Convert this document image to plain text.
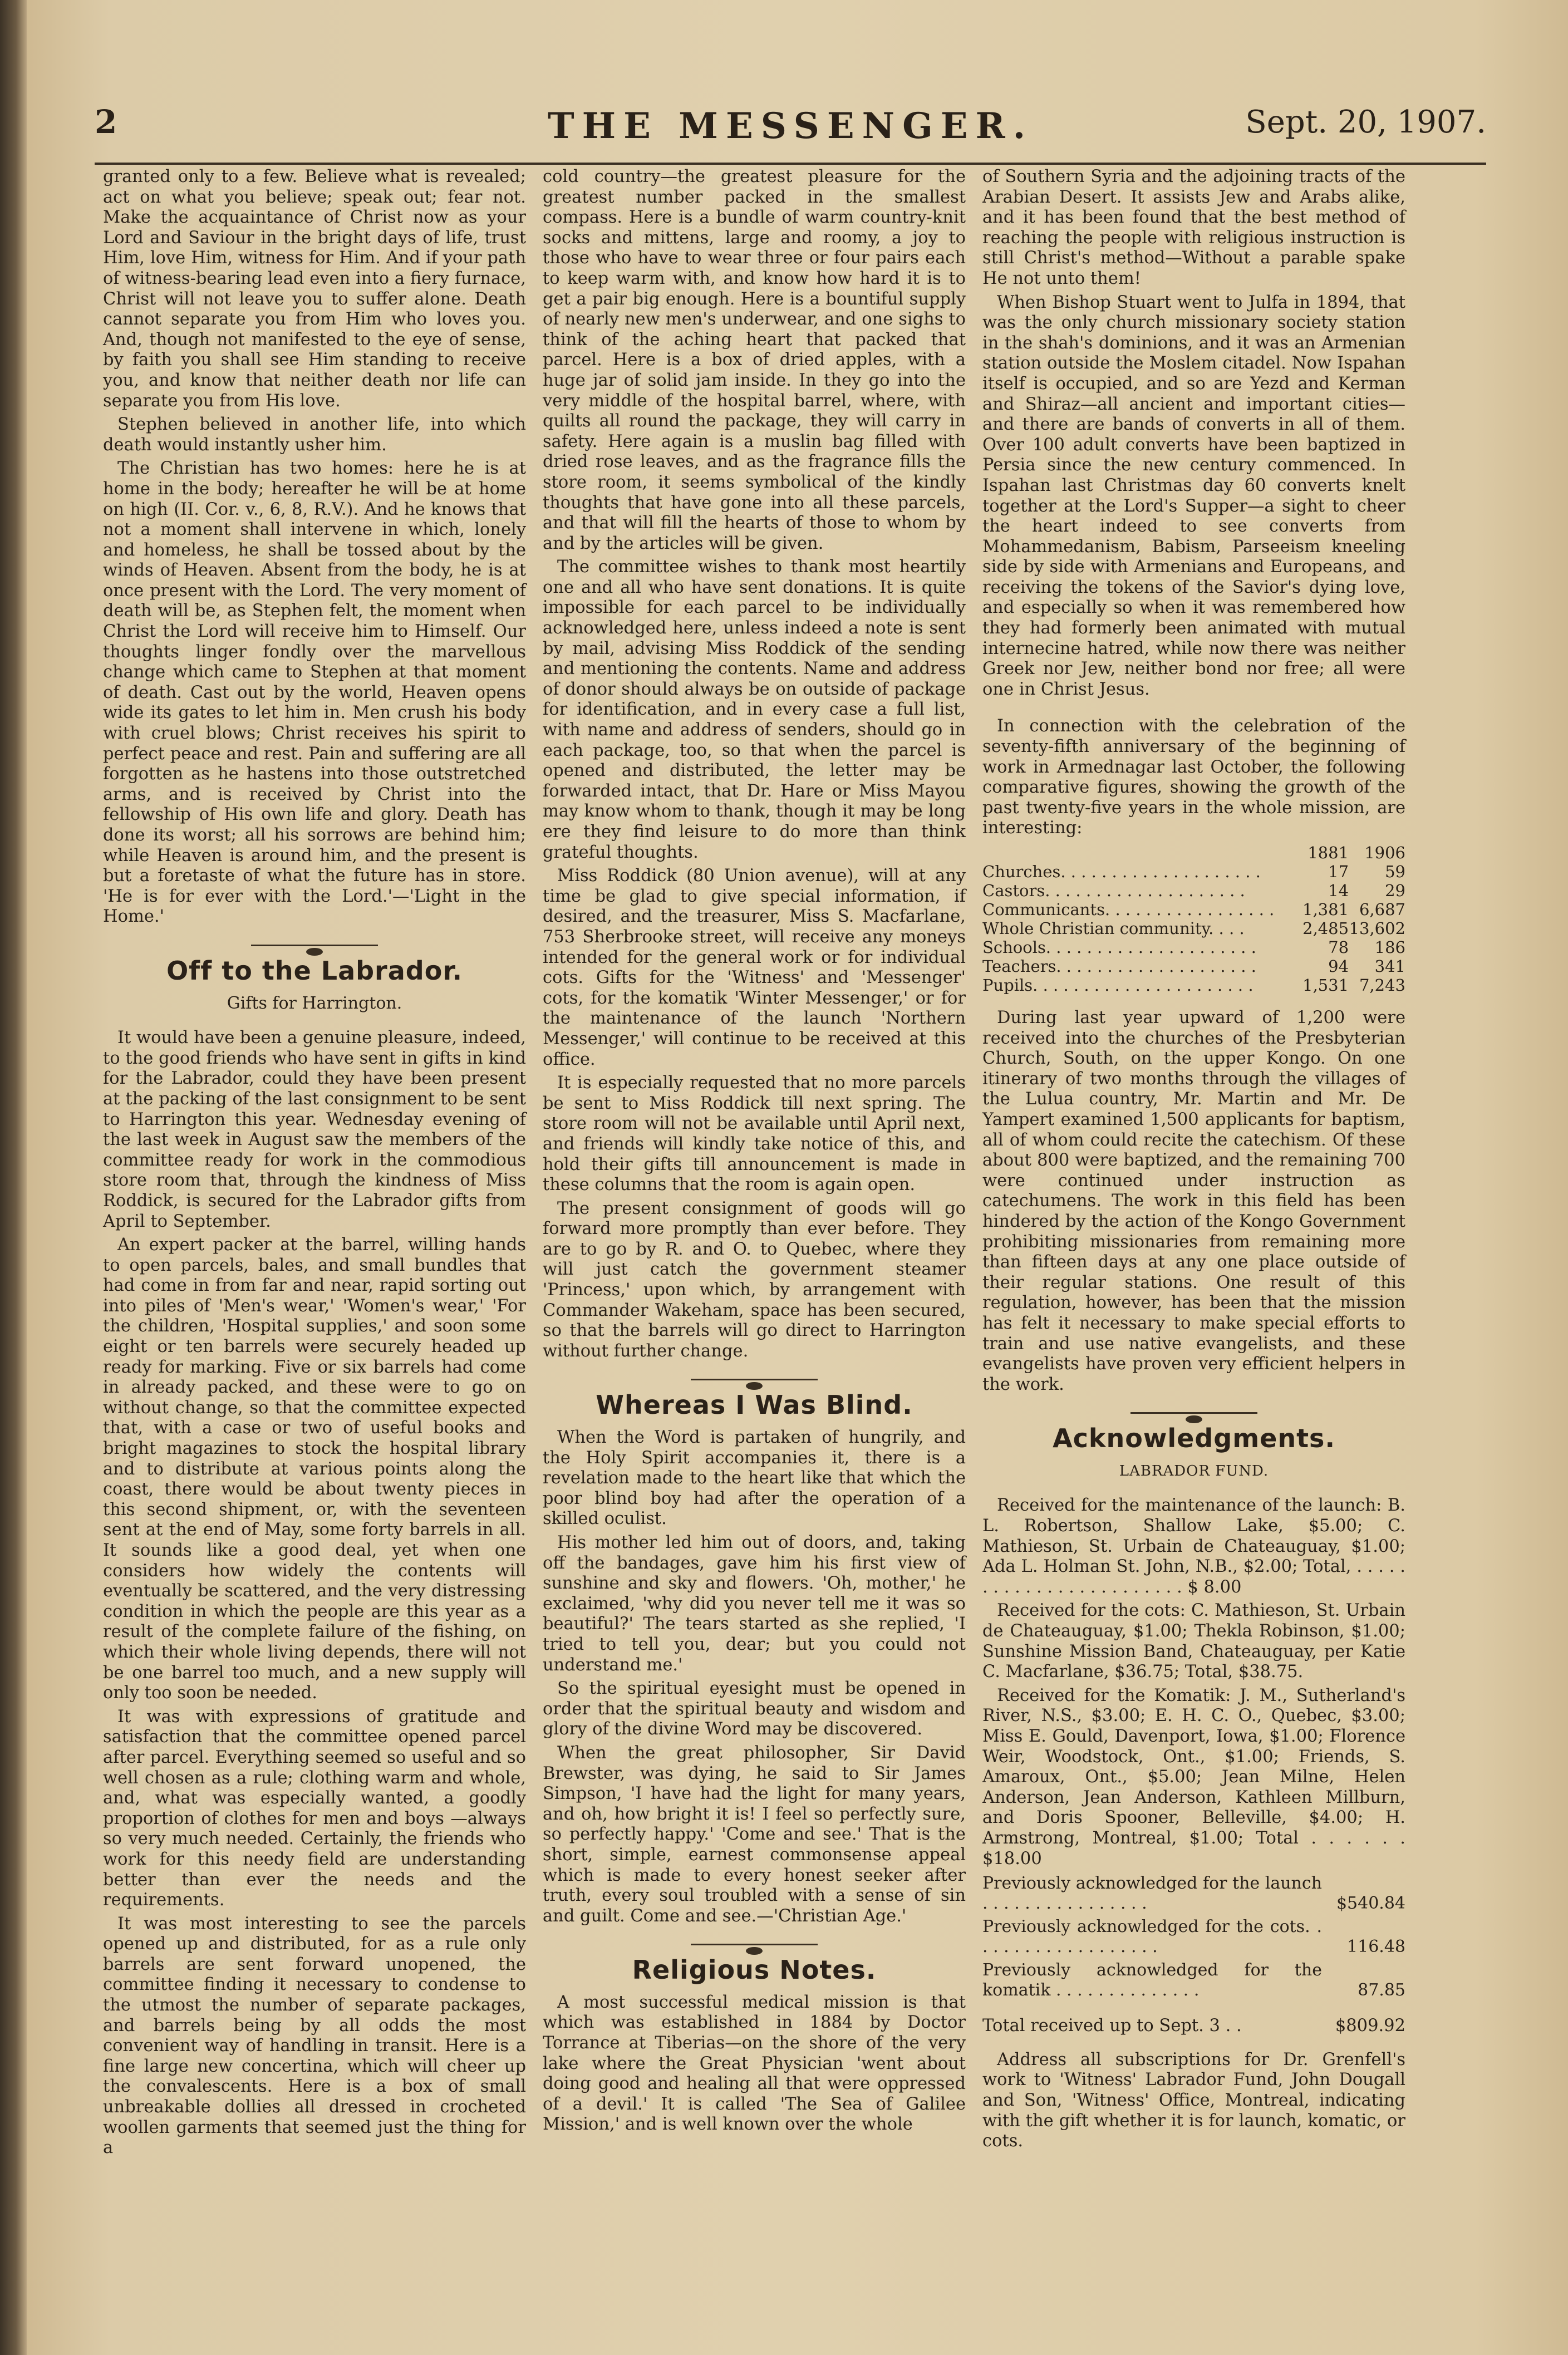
2	THE MESSENGER.	Sept. 20, 1907.

granted only to a few. Believe what is revealed; act on what you believe; speak out; fear not. Make the acquaintance of Christ now as your Lord and Saviour in the bright days of life, trust Him, love Him, witness for Him. And if your path of witness-bearing lead even into a fiery furnace, Christ will not leave you to suffer alone. Death cannot separate you from Him who loves you. And, though not manifested to the eye of sense, by faith you shall see Him standing to receive you, and know that neither death nor life can separate you from His love.

Stephen believed in another life, into which death would instantly usher him.

The Christian has two homes: here he is at home in the body; hereafter he will be at home on high (II. Cor. v., 6, 8, R.V.). And he knows that not a moment shall intervene in which, lonely and homeless, he shall be tossed about by the winds of Heaven. Absent from the body, he is at once present with the Lord. The very moment of death will be, as Stephen felt, the moment when Christ the Lord will receive him to Himself. Our thoughts linger fondly over the marvellous change which came to Stephen at that moment of death. Cast out by the world, Heaven opens wide its gates to let him in. Men crush his body with cruel blows; Christ receives his spirit to perfect peace and rest. Pain and suffering are all forgotten as he hastens into those outstretched arms, and is received by Christ into the fellowship of His own life and glory. Death has done its worst; all his sorrows are behind him; while Heaven is around him, and the present is but a foretaste of what the future has in store. 'He is for ever with the Lord.'—'Light in the Home.'

Off to the Labrador.
Gifts for Harrington.

It would have been a genuine pleasure, indeed, to the good friends who have sent in gifts in kind for the Labrador, could they have been present at the packing of the last consignment to be sent to Harrington this year. Wednesday evening of the last week in August saw the members of the committee ready for work in the commodious store room that, through the kindness of Miss Roddick, is secured for the Labrador gifts from April to September.

An expert packer at the barrel, willing hands to open parcels, bales, and small bundles that had come in from far and near, rapid sorting out into piles of 'Men's wear,' 'Women's wear,' 'For the children, 'Hospital supplies,' and soon some eight or ten barrels were securely headed up ready for marking. Five or six barrels had come in already packed, and these were to go on without change, so that the committee expected that, with a case or two of useful books and bright magazines to stock the hospital library and to distribute at various points along the coast, there would be about twenty pieces in this second shipment, or, with the seventeen sent at the end of May, some forty barrels in all. It sounds like a good deal, yet when one considers how widely the contents will eventually be scattered, and the very distressing condition in which the people are this year as a result of the complete failure of the fishing, on which their whole living depends, there will not be one barrel too much, and a new supply will only too soon be needed.

It was with expressions of gratitude and satisfaction that the committee opened parcel after parcel. Everything seemed so useful and so well chosen as a rule; clothing warm and whole, and, what was especially wanted, a goodly proportion of clothes for men and boys —always so very much needed. Certainly, the friends who work for this needy field are understanding better than ever the needs and the requirements.

It was most interesting to see the parcels opened up and distributed, for as a rule only barrels are sent forward unopened, the committee finding it necessary to condense to the utmost the number of separate packages, and barrels being by all odds the most convenient way of handling in transit. Here is a fine large new concertina, which will cheer up the convalescents. Here is a box of small unbreakable dollies all dressed in crocheted woollen garments that seemed just the thing for a

cold country—the greatest pleasure for the greatest number packed in the smallest compass. Here is a bundle of warm country-knit socks and mittens, large and roomy, a joy to those who have to wear three or four pairs each to keep warm with, and know how hard it is to get a pair big enough. Here is a bountiful supply of nearly new men's underwear, and one sighs to think of the aching heart that packed that parcel. Here is a box of dried apples, with a huge jar of solid jam inside. In they go into the very middle of the hospital barrel, where, with quilts all round the package, they will carry in safety. Here again is a muslin bag filled with dried rose leaves, and as the fragrance fills the store room, it seems symbolical of the kindly thoughts that have gone into all these parcels, and that will fill the hearts of those to whom by and by the articles will be given.

The committee wishes to thank most heartily one and all who have sent donations. It is quite impossible for each parcel to be individually acknowledged here, unless indeed a note is sent by mail, advising Miss Roddick of the sending and mentioning the contents. Name and address of donor should always be on outside of package for identification, and in every case a full list, with name and address of senders, should go in each package, too, so that when the parcel is opened and distributed, the letter may be forwarded intact, that Dr. Hare or Miss Mayou may know whom to thank, though it may be long ere they find leisure to do more than think grateful thoughts.

Miss Roddick (80 Union avenue), will at any time be glad to give special information, if desired, and the treasurer, Miss S. Macfarlane, 753 Sherbrooke street, will receive any moneys intended for the general work or for individual cots. Gifts for the 'Witness' and 'Messenger' cots, for the komatik 'Winter Messenger,' or for the maintenance of the launch 'Northern Messenger,' will continue to be received at this office.

It is especially requested that no more parcels be sent to Miss Roddick till next spring. The store room will not be available until April next, and friends will kindly take notice of this, and hold their gifts till announcement is made in these columns that the room is again open.

The present consignment of goods will go forward more promptly than ever before. They are to go by R. and O. to Quebec, where they will just catch the government steamer 'Princess,' upon which, by arrangement with Commander Wakeham, space has been secured, so that the barrels will go direct to Harrington without further change.

Whereas I Was Blind.

When the Word is partaken of hungrily, and the Holy Spirit accompanies it, there is a revelation made to the heart like that which the poor blind boy had after the operation of a skilled oculist.

His mother led him out of doors, and, taking off the bandages, gave him his first view of sunshine and sky and flowers. 'Oh, mother,' he exclaimed, 'why did you never tell me it was so beautiful?' The tears started as she replied, 'I tried to tell you, dear; but you could not understand me.'

So the spiritual eyesight must be opened in order that the spiritual beauty and wisdom and glory of the divine Word may be discovered.

When the great philosopher, Sir David Brewster, was dying, he said to Sir James Simpson, 'I have had the light for many years, and oh, how bright it is! I feel so perfectly sure, so perfectly happy.' 'Come and see.' That is the short, simple, earnest commonsense appeal which is made to every honest seeker after truth, every soul troubled with a sense of sin and guilt. Come and see.—'Christian Age.'

Religious Notes.

A most successful medical mission is that which was established in 1884 by Doctor Torrance at Tiberias—on the shore of the very lake where the Great Physician 'went about doing good and healing all that were oppressed of a devil.' It is called 'The Sea of Galilee Mission,' and is well known over the whole

of Southern Syria and the adjoining tracts of the Arabian Desert. It assists Jew and Arabs alike, and it has been found that the best method of reaching the people with religious instruction is still Christ's method—Without a parable spake He not unto them!

When Bishop Stuart went to Julfa in 1894, that was the only church missionary society station in the shah's dominions, and it was an Armenian station outside the Moslem citadel. Now Ispahan itself is occupied, and so are Yezd and Kerman and Shiraz—all ancient and important cities—and there are bands of converts in all of them. Over 100 adult converts have been baptized in Persia since the new century commenced. In Ispahan last Christmas day 60 converts knelt together at the Lord's Supper—a sight to cheer the heart indeed to see converts from Mohammedanism, Babism, Parseeism kneeling side by side with Armenians and Europeans, and receiving the tokens of the Savior's dying love, and especially so when it was remembered how they had formerly been animated with mutual internecine hatred, while now there was neither Greek nor Jew, neither bond nor free; all were one in Christ Jesus.

In connection with the celebration of the seventy-fifth anniversary of the beginning of work in Armednagar last October, the following comparative figures, showing the growth of the past twenty-five years in the whole mission, are interesting:

	1881	1906
Churches. . . . . . . . . . . . . . . . . . . .	17	59
Castors. . . . . . . . . . . . . . . . . . . .	14	29
Communicants. . . . . . . . . . . . . . . . .	1,381	6,687
Whole Christian community. . . .	2,485	13,602
Schools. . . . . . . . . . . . . . . . . . . . .	78	186
Teachers. . . . . . . . . . . . . . . . . . . .	94	341
Pupils. . . . . . . . . . . . . . . . . . . . . .	1,531	7,243

During last year upward of 1,200 were received into the churches of the Presbyterian Church, South, on the upper Kongo. On one itinerary of two months through the villages of the Lulua country, Mr. Martin and Mr. De Yampert examined 1,500 applicants for baptism, all of whom could recite the catechism. Of these about 800 were baptized, and the remaining 700 were continued under instruction as catechumens. The work in this field has been hindered by the action of the Kongo Government prohibiting missionaries from remaining more than fifteen days at any one place outside of their regular stations. One result of this regulation, however, has been that the mission has felt it necessary to make special efforts to train and use native evangelists, and these evangelists have proven very efficient helpers in the work.

Acknowledgments.
LABRADOR FUND.

Received for the maintenance of the launch: B. L. Robertson, Shallow Lake, $5.00; C. Mathieson, St. Urbain de Chateauguay, $1.00; Ada L. Holman St. John, N.B., $2.00; Total, . . . . . . . . . . . . . . . . . . . . . . . . $ 8.00

Received for the cots: C. Mathieson, St. Urbain de Chateauguay, $1.00; Thekla Robinson, $1.00; Sunshine Mission Band, Chateauguay, per Katie C. Macfarlane, $36.75; Total, $38.75.

Received for the Komatik: J. M., Sutherland's River, N.S., $3.00; E. H. C. O., Quebec, $3.00; Miss E. Gould, Davenport, Iowa, $1.00; Florence Weir, Woodstock, Ont., $1.00; Friends, S. Amaroux, Ont., $5.00; Jean Milne, Helen Anderson, Jean Anderson, Kathleen Millburn, and Doris Spooner, Belleville, $4.00; H. Armstrong, Montreal, $1.00; Total . . . . . . $18.00

Previously acknowledged for the launch . . . . . . . . . . . . . . . .	$540.84
Previously acknowledged for the cots. . . . . . . . . . . . . . . . . . .	116.48
Previously acknowledged for the komatik . . . . . . . . . . . . . .	87.85
Total received up to Sept. 3 . .	$809.92

Address all subscriptions for Dr. Grenfell's work to 'Witness' Labrador Fund, John Dougall and Son, 'Witness' Office, Montreal, indicating with the gift whether it is for launch, komatic, or cots.
